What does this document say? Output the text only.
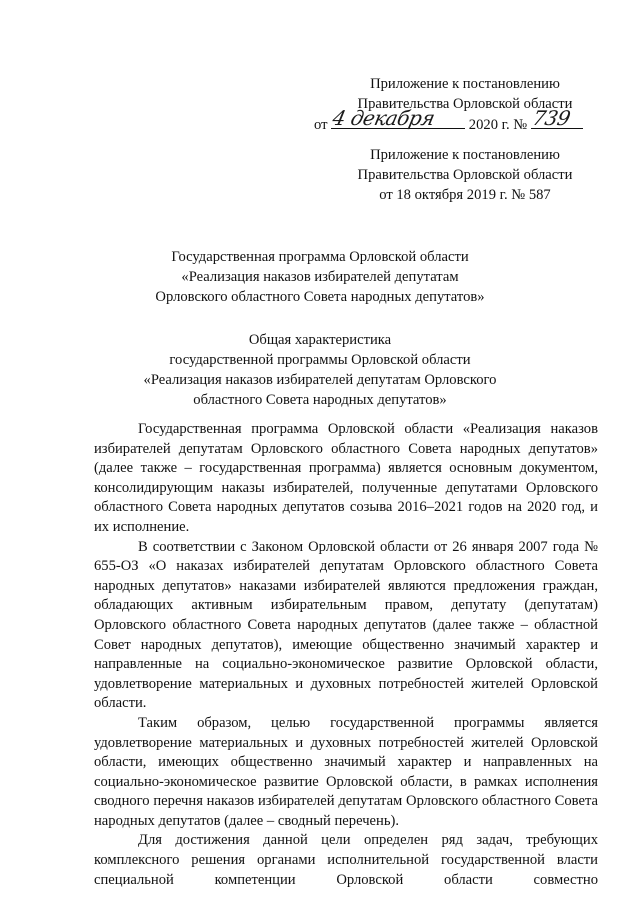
Приложение к постановлению
Правительства Орловской области
от 4 декабря 2020 г. № 739
Приложение к постановлению
Правительства Орловской области
от 18 октября 2019 г. № 587
Государственная программа Орловской области
«Реализация наказов избирателей депутатам
Орловского областного Совета народных депутатов»
Общая характеристика
государственной программы Орловской области
«Реализация наказов избирателей депутатам Орловского
областного Совета народных депутатов»

Государственная программа Орловской области «Реализация наказов избирателей депутатам Орловского областного Совета народных депутатов» (далее также – государственная программа) является основным документом, консолидирующим наказы избирателей, полученные депутатами Орловского областного Совета народных депутатов созыва 2016–2021 годов на 2020 год, и их исполнение.

В соответствии с Законом Орловской области от 26 января 2007 года № 655-ОЗ «О наказах избирателей депутатам Орловского областного Совета народных депутатов» наказами избирателей являются предложения граждан, обладающих активным избирательным правом, депутату (депутатам) Орловского областного Совета народных депутатов (далее также – областной Совет народных депутатов), имеющие общественно значимый характер и направленные на социально-экономическое развитие Орловской области, удовлетворение материальных и духовных потребностей жителей Орловской области.

Таким образом, целью государственной программы является удовлетворение материальных и духовных потребностей жителей Орловской области, имеющих общественно значимый характер и направленных на социально-экономическое развитие Орловской области, в рамках исполнения сводного перечня наказов избирателей депутатам Орловского областного Совета народных депутатов (далее – сводный перечень).

Для достижения данной цели определен ряд задач, требующих комплексного решения органами исполнительной государственной власти специальной компетенции Орловской области совместно
